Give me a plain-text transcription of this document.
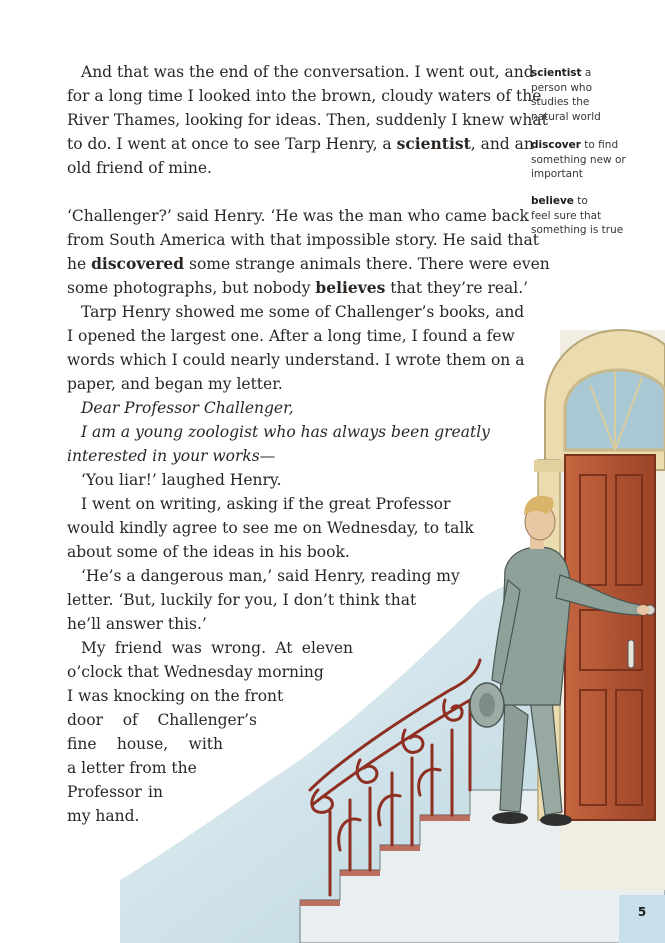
And that was the end of the conversation. I went out, and
for a long time I looked into the brown, cloudy waters of the
River Thames, looking for ideas. Then, suddenly I knew what
to do. I went at once to see Tarp Henry, a scientist, and an
old friend of mine.
‘Challenger?’ said Henry. ‘He was the man who came back
from South America with that impossible story. He said that
he discovered some strange animals there. There were even
some photographs, but nobody believes that they’re real.’
Tarp Henry showed me some of Challenger’s books, and
I opened the largest one. After a long time, I found a few
words which I could nearly understand. I wrote them on a
paper, and began my letter.
Dear Professor Challenger,
I am a young zoologist who has always been greatly
interested in your works—
‘You liar!’ laughed Henry.
I went on writing, asking if the great Professor
would kindly agree to see me on Wednesday, to talk
about some of the ideas in his book.
‘He’s a dangerous man,’ said Henry, reading my
letter. ‘But, luckily for you, I don’t think that
he’ll answer this.’
My friend was wrong. At eleven
o’clock that Wednesday morning
I was knocking on the front
door of Challenger’s
fine house, with
a letter from the
Professor in
my hand.
scientist a
person who
studies the
natural world
discover to find
something new or
important
believe to
feel sure that
something is true
5
